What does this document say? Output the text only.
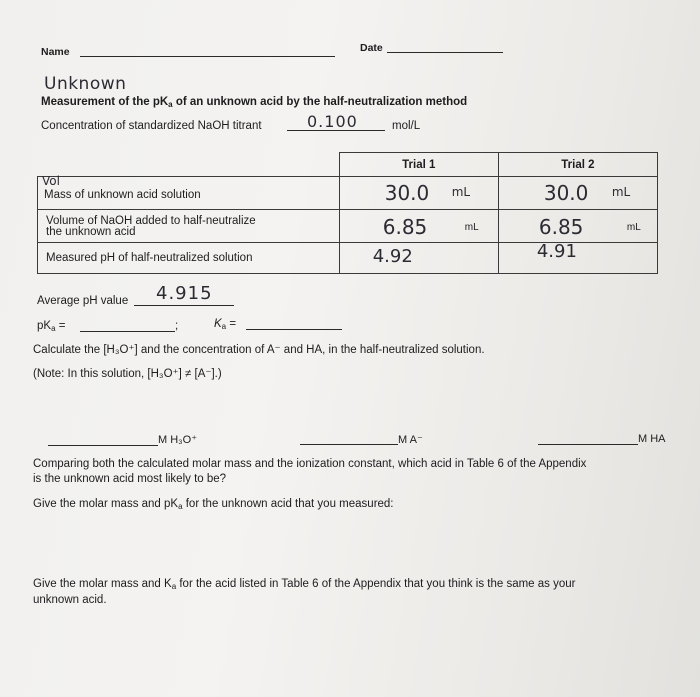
Name	Date
Unknown
Measurement of the $pK_a$ of an unknown acid by the half-neutralization method
Concentration of standardized NaOH titrant	0.100	mol/L
	Trial 1	Trial 2

Vol
Mass of unknown acid solution	30.0 mL	30.0 mL

Volume of NaOH added to half-neutralize
the unknown acid	6.85 mL	6.85 mL

Measured pH of half-neutralized solution	4.92	4.91
Average pH value 4.915
$pK_a$ =	;	$K_a$ =
Calculate the [H₃O⁺] and the concentration of A⁻ and HA, in the half-neutralized solution.
(Note: In this solution, [H₃O⁺] ≠ [A⁻].)
M H₃O⁺	M A⁻	M HA
Comparing both the calculated molar mass and the ionization constant, which acid in Table 6 of the Appendix
is the unknown acid most likely to be?
Give the molar mass and $pK_a$ for the unknown acid that you measured:
Give the molar mass and $K_a$ for the acid listed in Table 6 of the Appendix that you think is the same as your
unknown acid.
